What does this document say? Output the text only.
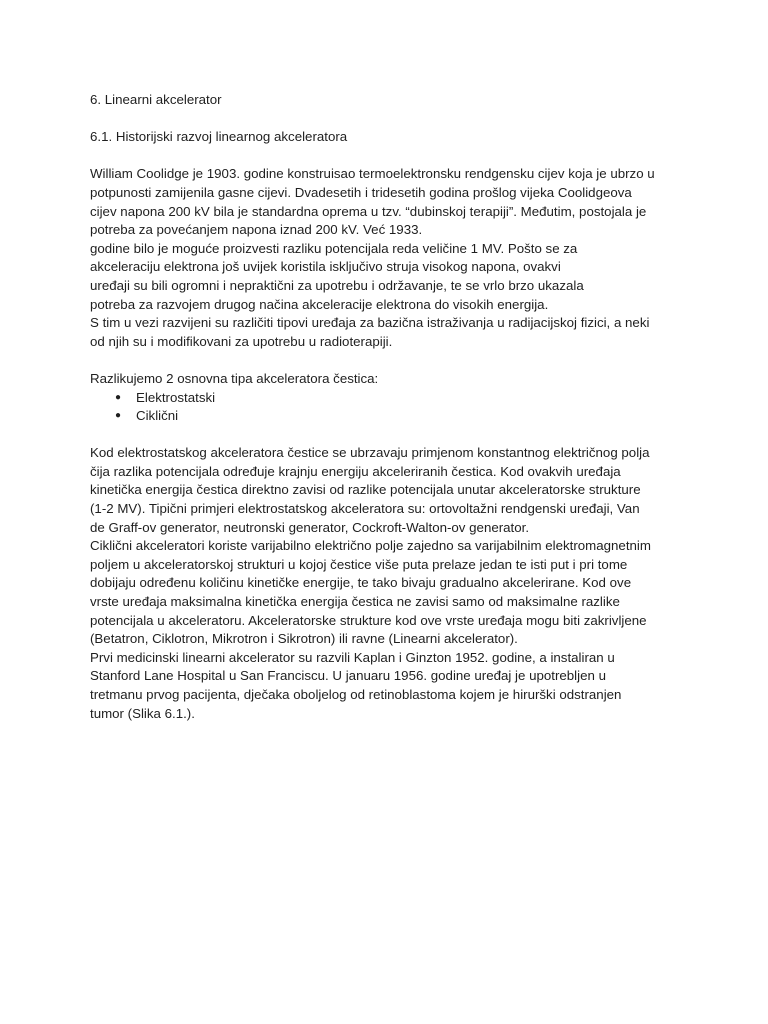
6. Linearni akcelerator
6.1. Historijski razvoj linearnog akceleratora

William Coolidge je 1903. godine konstruisao termoelektronsku rendgensku cijev koja je ubrzo u
potpunosti zamijenila gasne cijevi. Dvadesetih i tridesetih godina prošlog vijeka Coolidgeova
cijev napona 200 kV bila je standardna oprema u tzv. “dubinskoj terapiji”. Međutim, postojala je
potreba za povećanjem napona iznad 200 kV. Već 1933.
godine bilo je moguće proizvesti razliku potencijala reda veličine 1 MV. Pošto se za
akceleraciju elektrona još uvijek koristila isključivo struja visokog napona, ovakvi
uređaji su bili ogromni i nepraktični za upotrebu i održavanje, te se vrlo brzo ukazala
potreba za razvojem drugog načina akceleracije elektrona do visokih energija.
S tim u vezi razvijeni su različiti tipovi uređaja za bazična istraživanja u radijacijskoj fizici, a neki
od njih su i modifikovani za upotrebu u radioterapiji.

Razlikujemo 2 osnovna tipa akceleratora čestica:

● Elektrostatski
● Ciklični

Kod elektrostatskog akceleratora čestice se ubrzavaju primjenom konstantnog električnog polja
čija razlika potencijala određuje krajnju energiju akceleriranih čestica. Kod ovakvih uređaja
kinetička energija čestica direktno zavisi od razlike potencijala unutar akceleratorske strukture
(1-2 MV). Tipični primjeri elektrostatskog akceleratora su: ortovoltažni rendgenski uređaji, Van
de Graff-ov generator, neutronski generator, Cockroft-Walton-ov generator.
Ciklični akceleratori koriste varijabilno električno polje zajedno sa varijabilnim elektromagnetnim
poljem u akceleratorskoj strukturi u kojoj čestice više puta prelaze jedan te isti put i pri tome
dobijaju određenu količinu kinetičke energije, te tako bivaju gradualno akcelerirane. Kod ove
vrste uređaja maksimalna kinetička energija čestica ne zavisi samo od maksimalne razlike
potencijala u akceleratoru. Akceleratorske strukture kod ove vrste uređaja mogu biti zakrivljene
(Betatron, Ciklotron, Mikrotron i Sikrotron) ili ravne (Linearni akcelerator).
Prvi medicinski linearni akcelerator su razvili Kaplan i Ginzton 1952. godine, a instaliran u
Stanford Lane Hospital u San Franciscu. U januaru 1956. godine uređaj je upotrebljen u
tretmanu prvog pacijenta, dječaka oboljelog od retinoblastoma kojem je hirurški odstranjen
tumor (Slika 6.1.).
